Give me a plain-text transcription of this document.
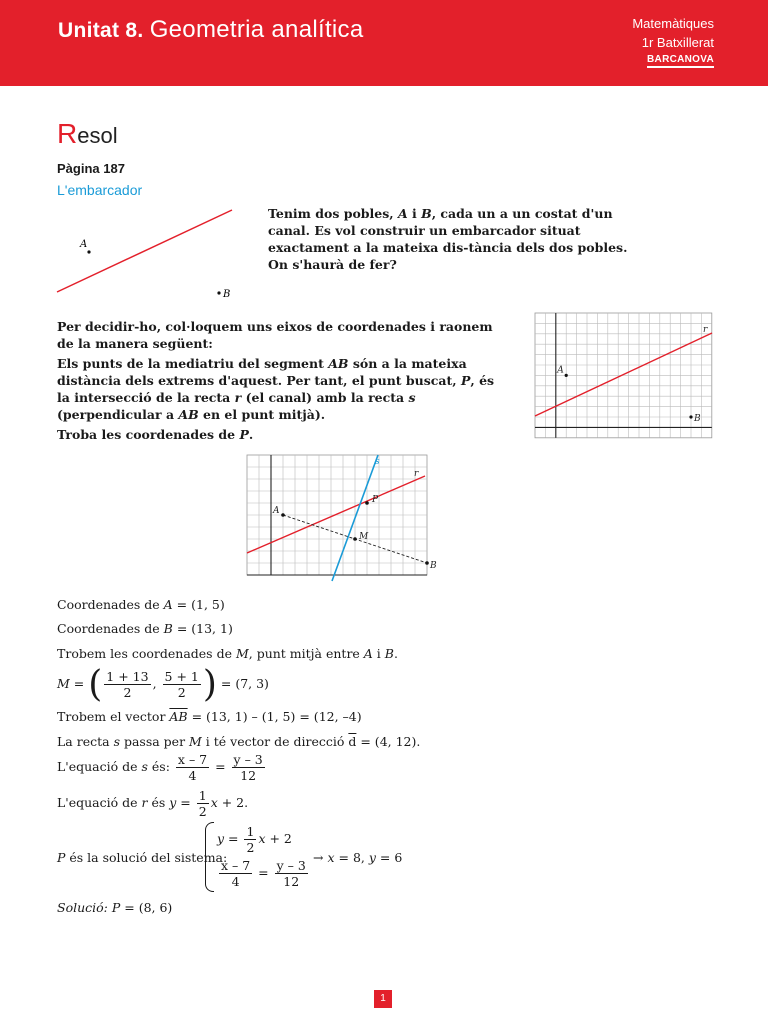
Unitat 8. Geometria analítica	Matemàtiques
1r Batxillerat
BARCANOVA
Resol
Pàgina 187
L'embarcador
A
B
Tenim dos pobles, A i B, cada un a un costat d'un canal. Es vol construir un embarcador situat exactament a la mateixa dis-tància dels dos pobles. On s'haurà de fer?

Per decidir-ho, col·loquem uns eixos de coordenades i raonem de la manera següent:

Els punts de la mediatriu del segment AB són a la mateixa distància dels extrems d'aquest. Per tant, el punt buscat, P, és la intersecció de la recta r (el canal) amb la recta s (perpendicular a AB en el punt mitjà).

Troba les coordenades de P.

A
B
r
A
B
M
P
s
r
Coordenades de A = (1, 5)
Coordenades de B = (13, 1)
Trobem les coordenades de M, punt mitjà entre A i B.
M = ( $\frac{1 + 13}{2}$ , $\frac{5 + 1}{2}$ ) = (7, 3)
Trobem el vector $\overline{AB} = (13$, 1) – (1, 5) = (12, –4)
La recta s passa per M i té vector de direcció $\overline{d} = (4$, 12).
L'equació de s és: $\frac{x - 7}{4} = \frac{y - 3}{12}$
L'equació de r és $y = \frac{1}{2}$ x + 2.
P és la solució del sistema:
$y = \frac{1}{2}$ x + 2
$\frac{x - 7}{4} = \frac{y - 3}{12}$
→ x = 8, y = 6
Solució: P = (8, 6)
1
